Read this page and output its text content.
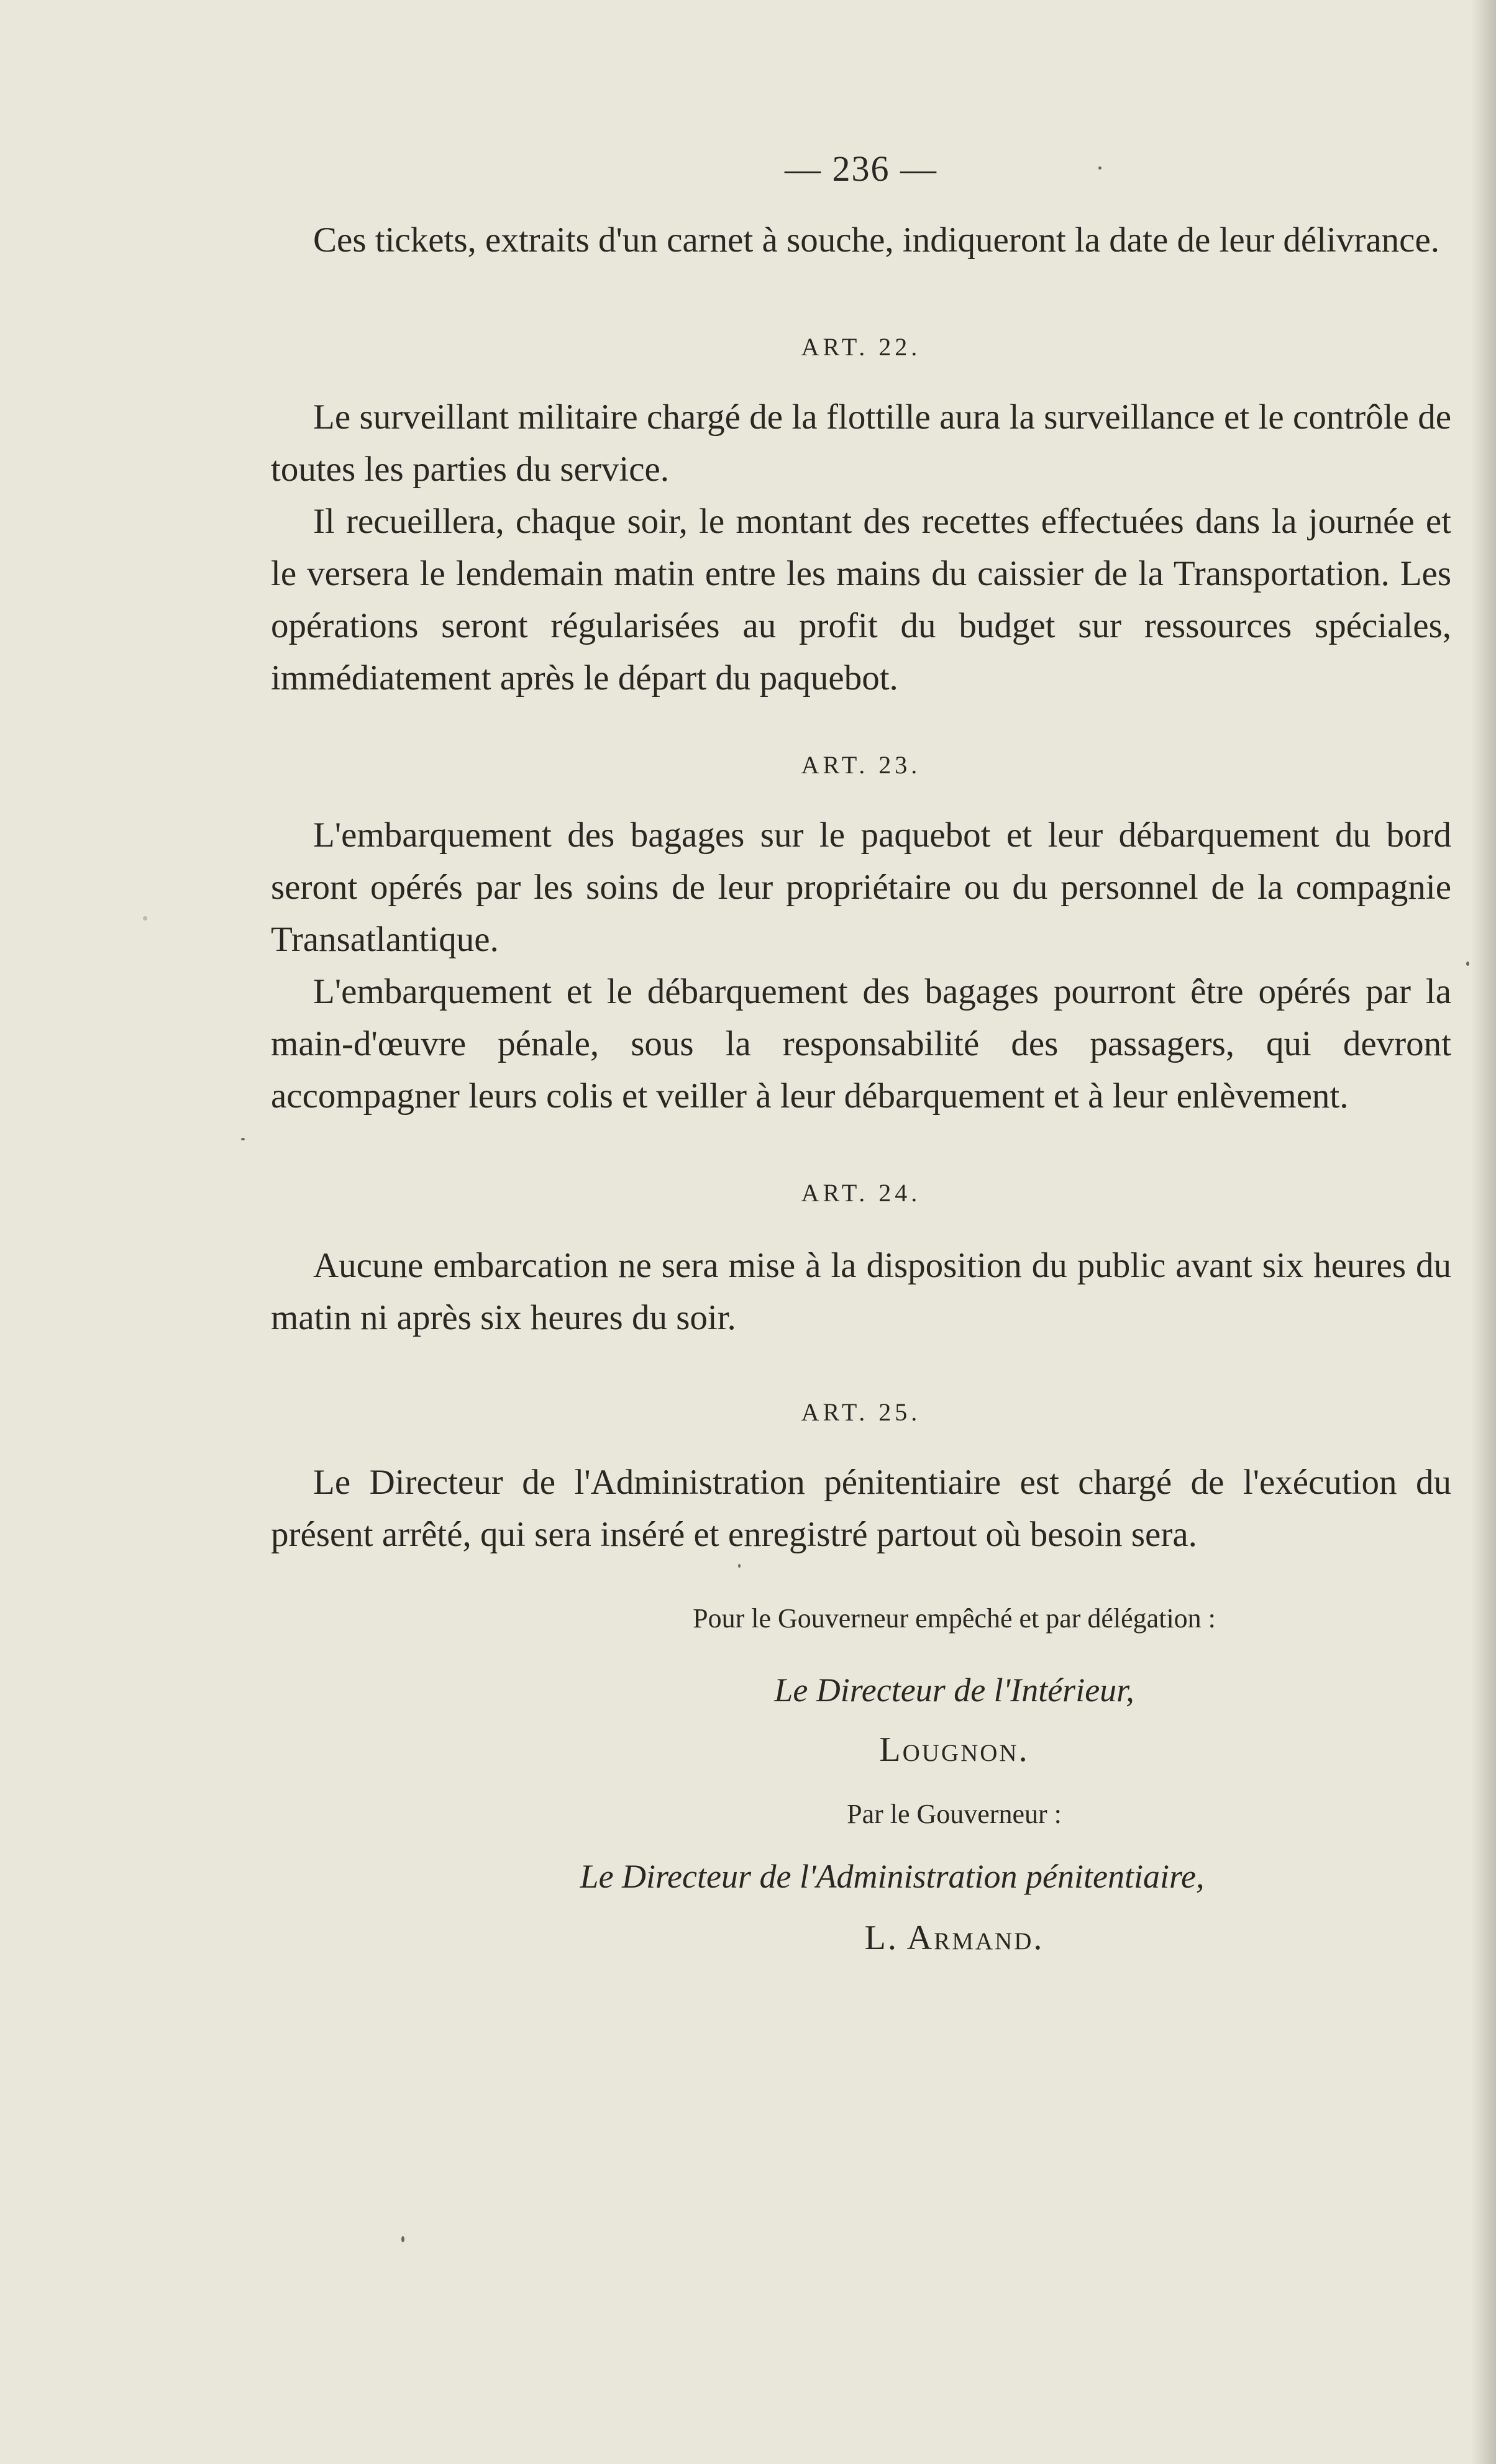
— 236 —

Ces tickets, extraits d'un carnet à souche, indiqueront la date de leur délivrance.

ART. 22.

Le surveillant militaire chargé de la flottille aura la surveillance et le contrôle de toutes les parties du service.

Il recueillera, chaque soir, le montant des recettes effectuées dans la journée et le versera le lendemain matin entre les mains du caissier de la Transportation. Les opérations seront régularisées au profit du budget sur ressources spéciales, immédiatement après le départ du paquebot.

ART. 23.

L'embarquement des bagages sur le paquebot et leur débarquement du bord seront opérés par les soins de leur propriétaire ou du personnel de la compagnie Transatlantique.

L'embarquement et le débarquement des bagages pourront être opérés par la main-d'œuvre pénale, sous la responsabilité des passagers, qui devront accompagner leurs colis et veiller à leur débarquement et à leur enlèvement.

ART. 24.

Aucune embarcation ne sera mise à la disposition du public avant six heures du matin ni après six heures du soir.

ART. 25.

Le Directeur de l'Administration pénitentiaire est chargé de l'exécution du présent arrêté, qui sera inséré et enregistré partout où besoin sera.

Pour le Gouverneur empêché et par délégation :
Le Directeur de l'Intérieur,
Lougnon.
Par le Gouverneur :
Le Directeur de l'Administration pénitentiaire,
L. Armand.
